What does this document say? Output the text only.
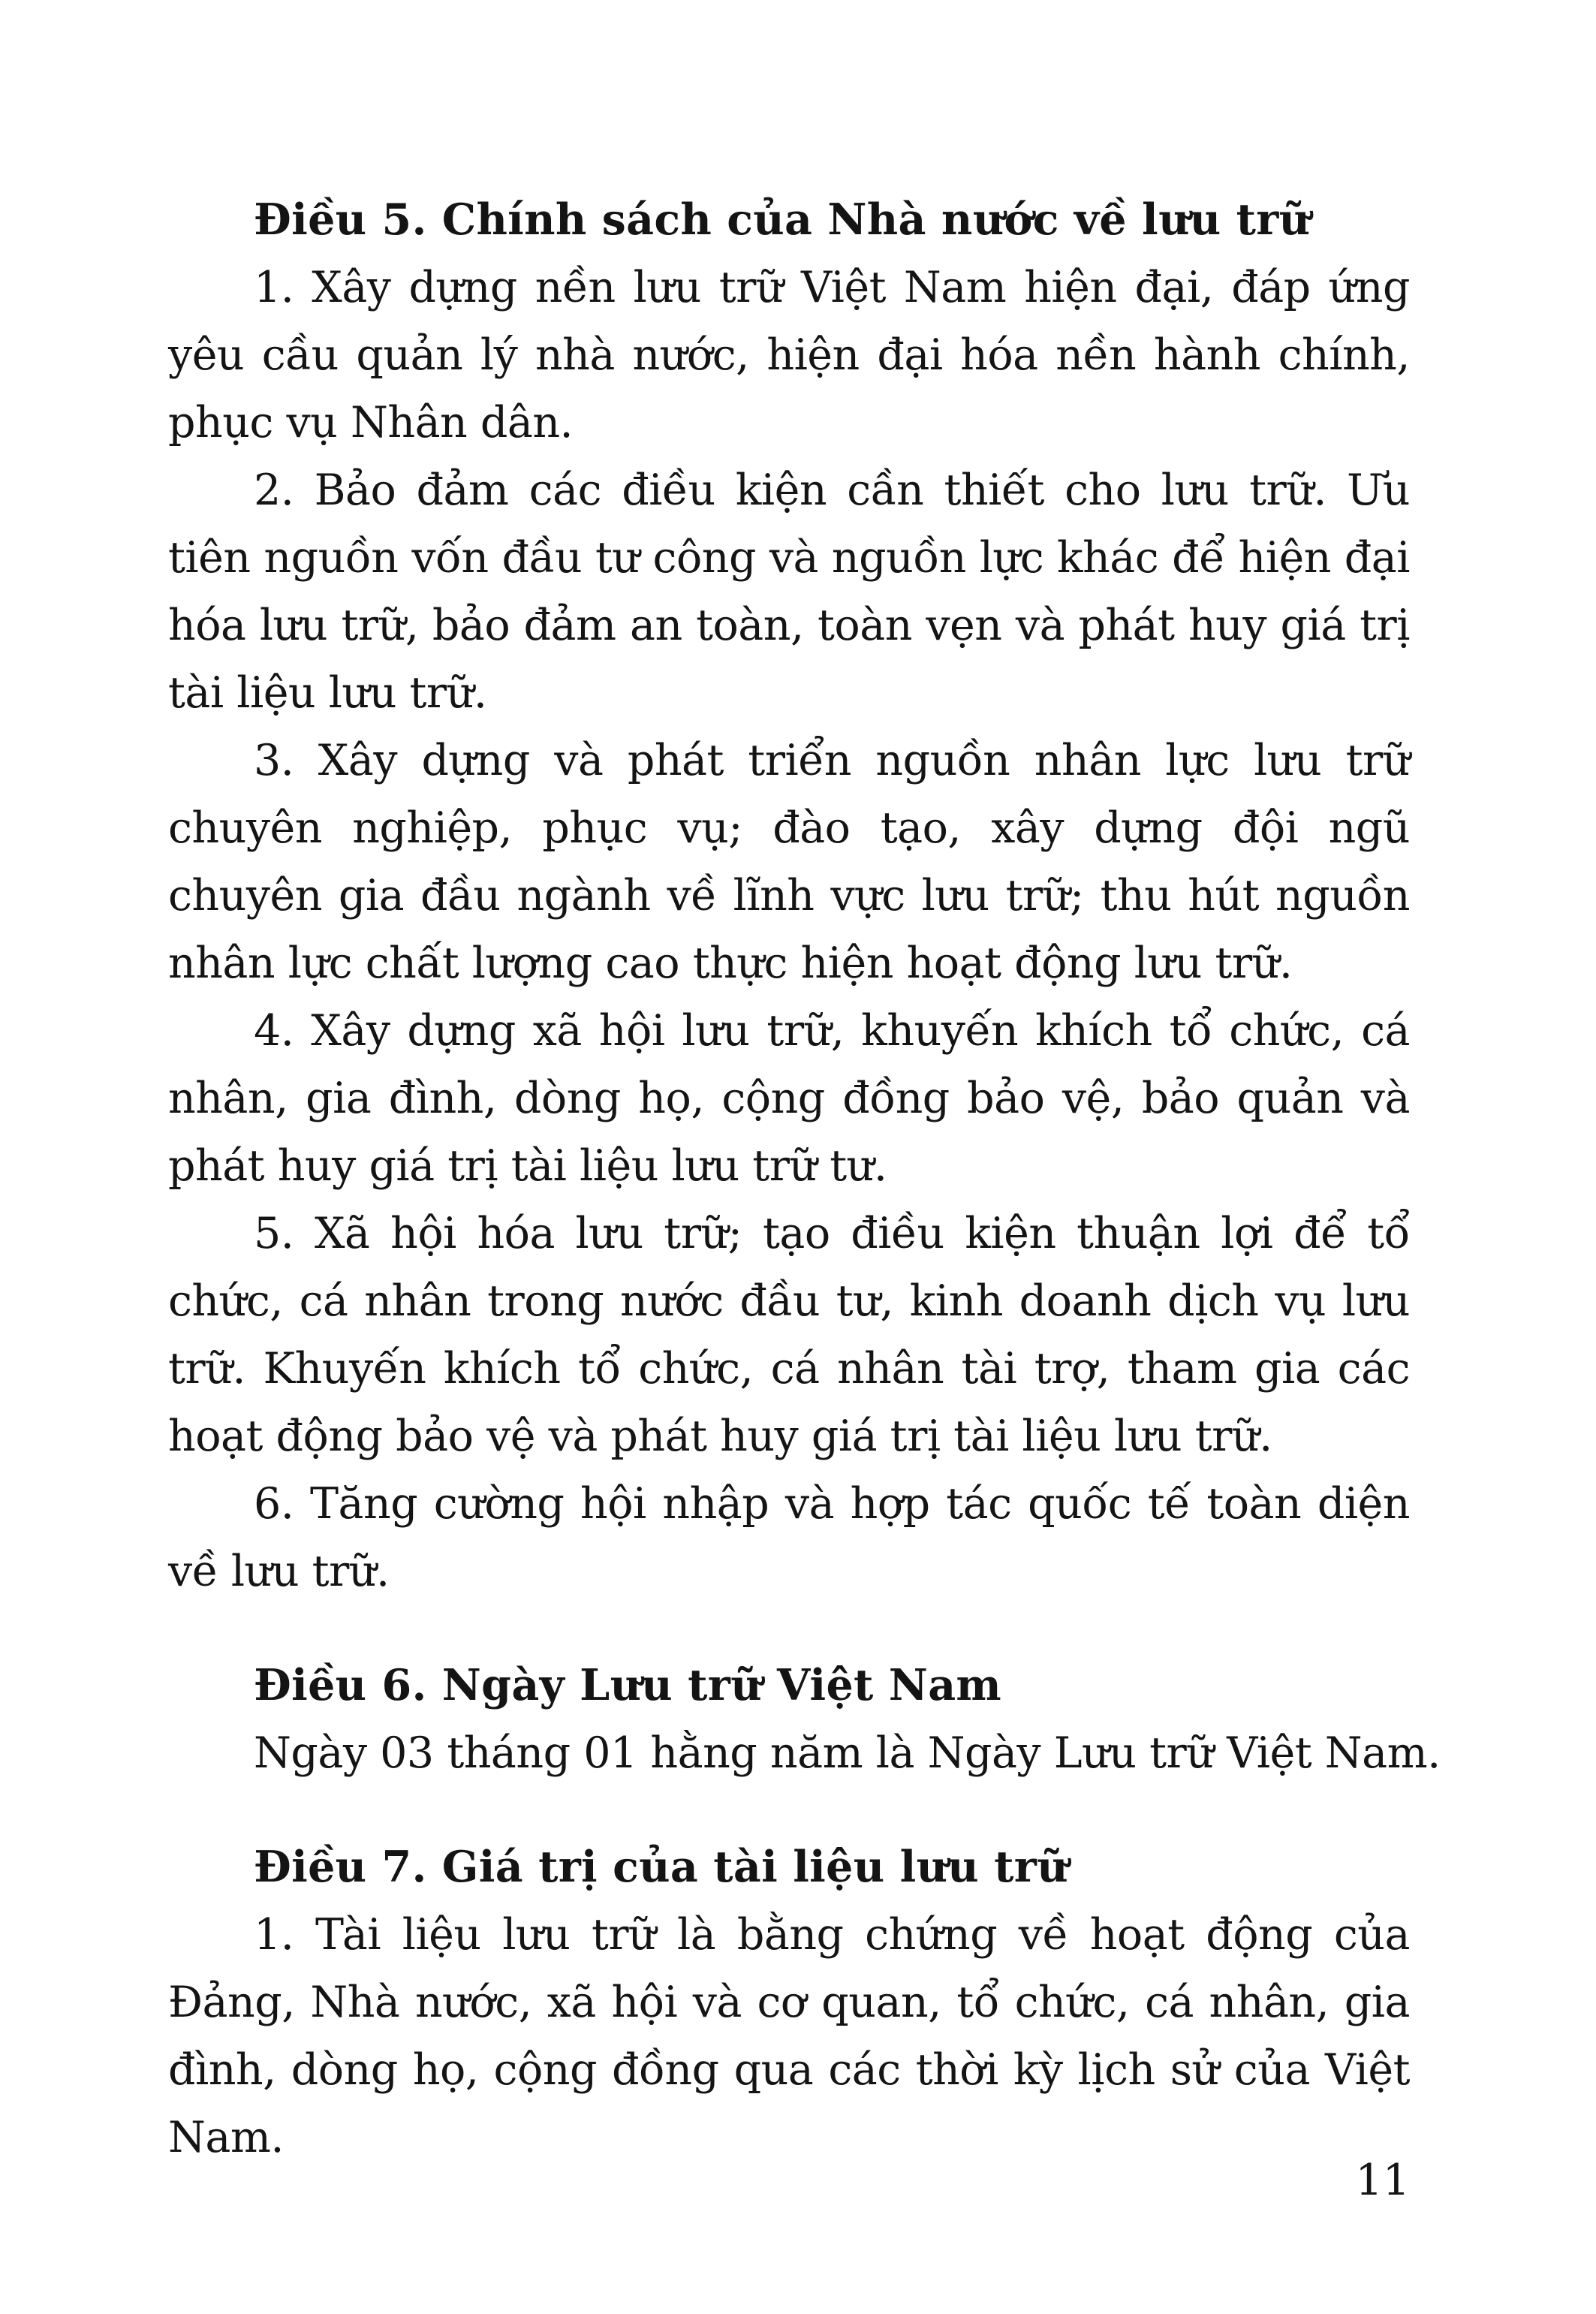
Điều 5. Chính sách của Nhà nước về lưu trữ

1. Xây dựng nền lưu trữ Việt Nam hiện đại, đáp ứng yêu cầu quản lý nhà nước, hiện đại hóa nền hành chính, phục vụ Nhân dân.

2. Bảo đảm các điều kiện cần thiết cho lưu trữ. Ưu tiên nguồn vốn đầu tư công và nguồn lực khác để hiện đại hóa lưu trữ, bảo đảm an toàn, toàn vẹn và phát huy giá trị tài liệu lưu trữ.

3. Xây dựng và phát triển nguồn nhân lực lưu trữ chuyên nghiệp, phục vụ; đào tạo, xây dựng đội ngũ chuyên gia đầu ngành về lĩnh vực lưu trữ; thu hút nguồn nhân lực chất lượng cao thực hiện hoạt động lưu trữ.

4. Xây dựng xã hội lưu trữ, khuyến khích tổ chức, cá nhân, gia đình, dòng họ, cộng đồng bảo vệ, bảo quản và phát huy giá trị tài liệu lưu trữ tư.

5. Xã hội hóa lưu trữ; tạo điều kiện thuận lợi để tổ chức, cá nhân trong nước đầu tư, kinh doanh dịch vụ lưu trữ. Khuyến khích tổ chức, cá nhân tài trợ, tham gia các hoạt động bảo vệ và phát huy giá trị tài liệu lưu trữ.

6. Tăng cường hội nhập và hợp tác quốc tế toàn diện về lưu trữ.

Điều 6. Ngày Lưu trữ Việt Nam

Ngày 03 tháng 01 hằng năm là Ngày Lưu trữ Việt Nam.

Điều 7. Giá trị của tài liệu lưu trữ

1. Tài liệu lưu trữ là bằng chứng về hoạt động của Đảng, Nhà nước, xã hội và cơ quan, tổ chức, cá nhân, gia đình, dòng họ, cộng đồng qua các thời kỳ lịch sử của Việt Nam.

11
